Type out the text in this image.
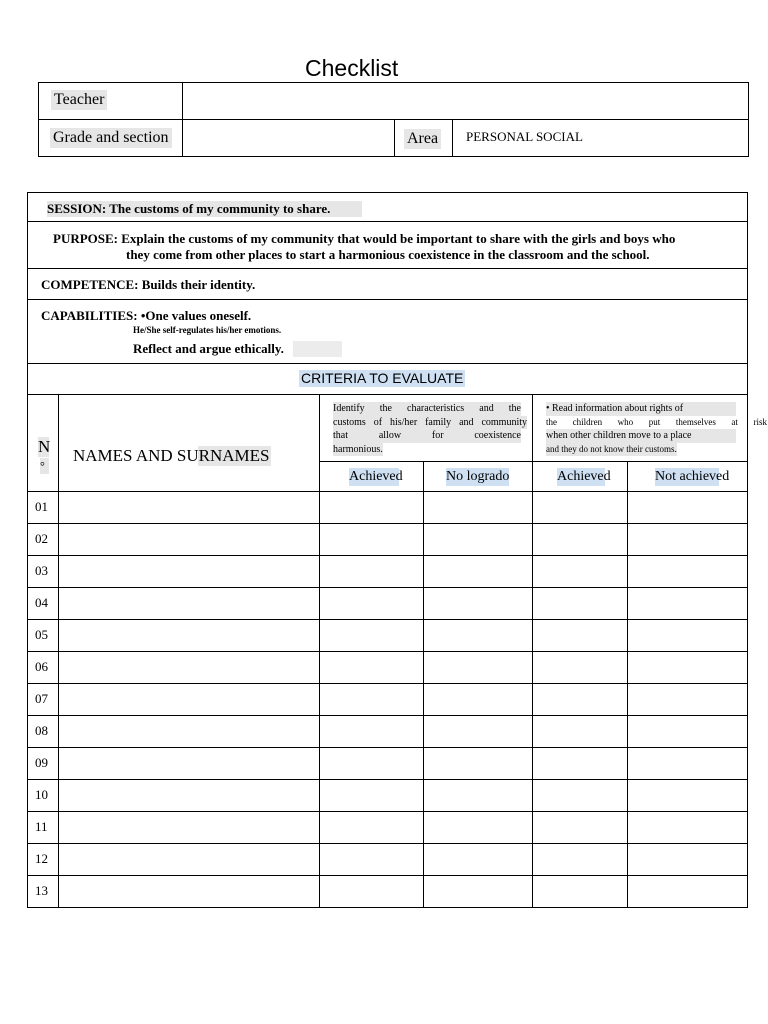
Checklist
Teacher
Grade and section	Area PERSONAL SOCIAL
SESSION: The customs of my community to share.
PURPOSE: Explain the customs of my community that would be important to share with the girls and boys who
they come from other places to start a harmonious coexistence in the classroom and the school.
COMPETENCE: Builds their identity.
CAPABILITIES: •One values oneself.
He/She self-regulates his/her emotions.
Reflect and argue ethically.
CRITERIA TO EVALUATE
N
°
NAMES AND SURNAMES
Identify the characteristics and the
customs of his/her family and community
that allow for coexistence
harmonious.
• Read information about rights of
the children who put themselves at risk
when other children move to a place
and they do not know their customs.
Achieved	No logrado	Achieved	Not achieved
01
02
03
04
05
06
07
08
09
10
11
12
13
